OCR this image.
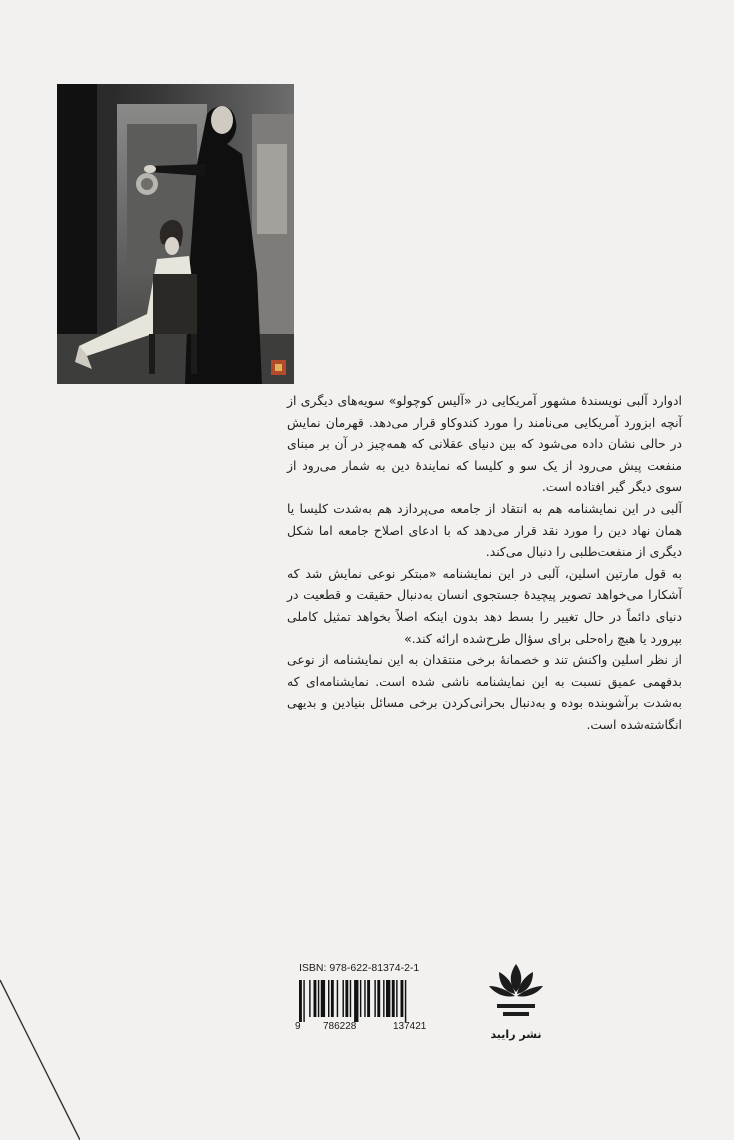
ادوارد آلبی نویسندهٔ مشهور آمریکایی در «آلیس کوچولو» سویه‌های دیگری از آنچه ابزورد آمریکایی می‌نامند را مورد کندوکاو قرار می‌دهد. قهرمان نمایش در حالی نشان داده می‌شود که بین دنیای عقلانی که همه‌چیز در آن بر مبنای منفعت پیش می‌رود از یک سو و کلیسا که نمایندهٔ دین به شمار می‌رود از سوی دیگر گیر افتاده است.

آلبی در این نمایشنامه هم به انتقاد از جامعه می‌پردازد هم به‌شدت کلیسا یا همان نهاد دین را مورد نقد قرار می‌دهد که با ادعای اصلاح جامعه اما شکل دیگری از منفعت‌طلبی را دنبال می‌کند.

به قول مارتین اسلین، آلبی در این نمایشنامه «مبتکر نوعی نمایش شد که آشکارا می‌خواهد تصویر پیچیدهٔ جستجوی انسان به‌دنبال حقیقت و قطعیت در دنیای دائماً در حال تغییر را بسط دهد بدون اینکه اصلاً بخواهد تمثیل کاملی بپرورد یا هیچ راه‌حلی برای سؤال طرح‌شده ارائه کند.»

از نظر اسلین واکنش تند و خصمانهٔ برخی منتقدان به این نمایشنامه از نوعی بدفهمی عمیق نسبت به این نمایشنامه ناشی شده است. نمایشنامه‌ای که به‌شدت برآشوبنده بوده و به‌دنبال بحرانی‌کردن برخی مسائل بنیادین و بدیهی انگاشته‌شده است.

ISBN: 978-622-81374-2-1
9 786228	137421
نشر رایبد
